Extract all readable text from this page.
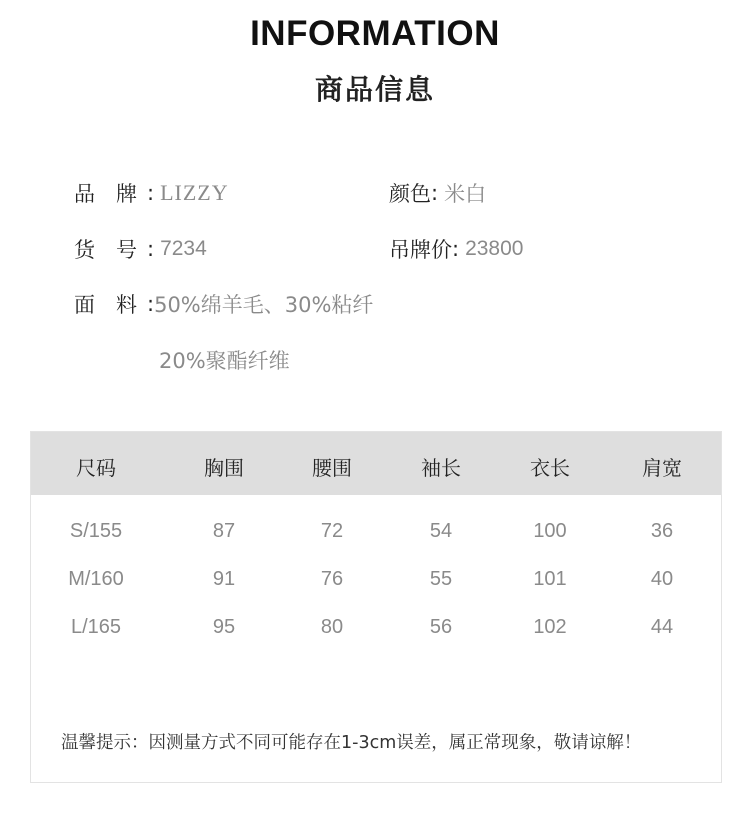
INFORMATION
商品信息
品　牌 : LIZZY	颜色 : 米白
货　号 : 7234	吊牌价 : 23800
面　料 : 50%绵羊毛、30%粘纤
20%聚酯纤维
尺码	胸围	腰围	袖长	衣长	肩宽
S/155	87	72	54	100	36
M/160	91	76	55	101	40
L/165	95	80	56	102	44
温馨提示：因测量方式不同可能存在1-3cm误差，属正常现象，敬请谅解！
